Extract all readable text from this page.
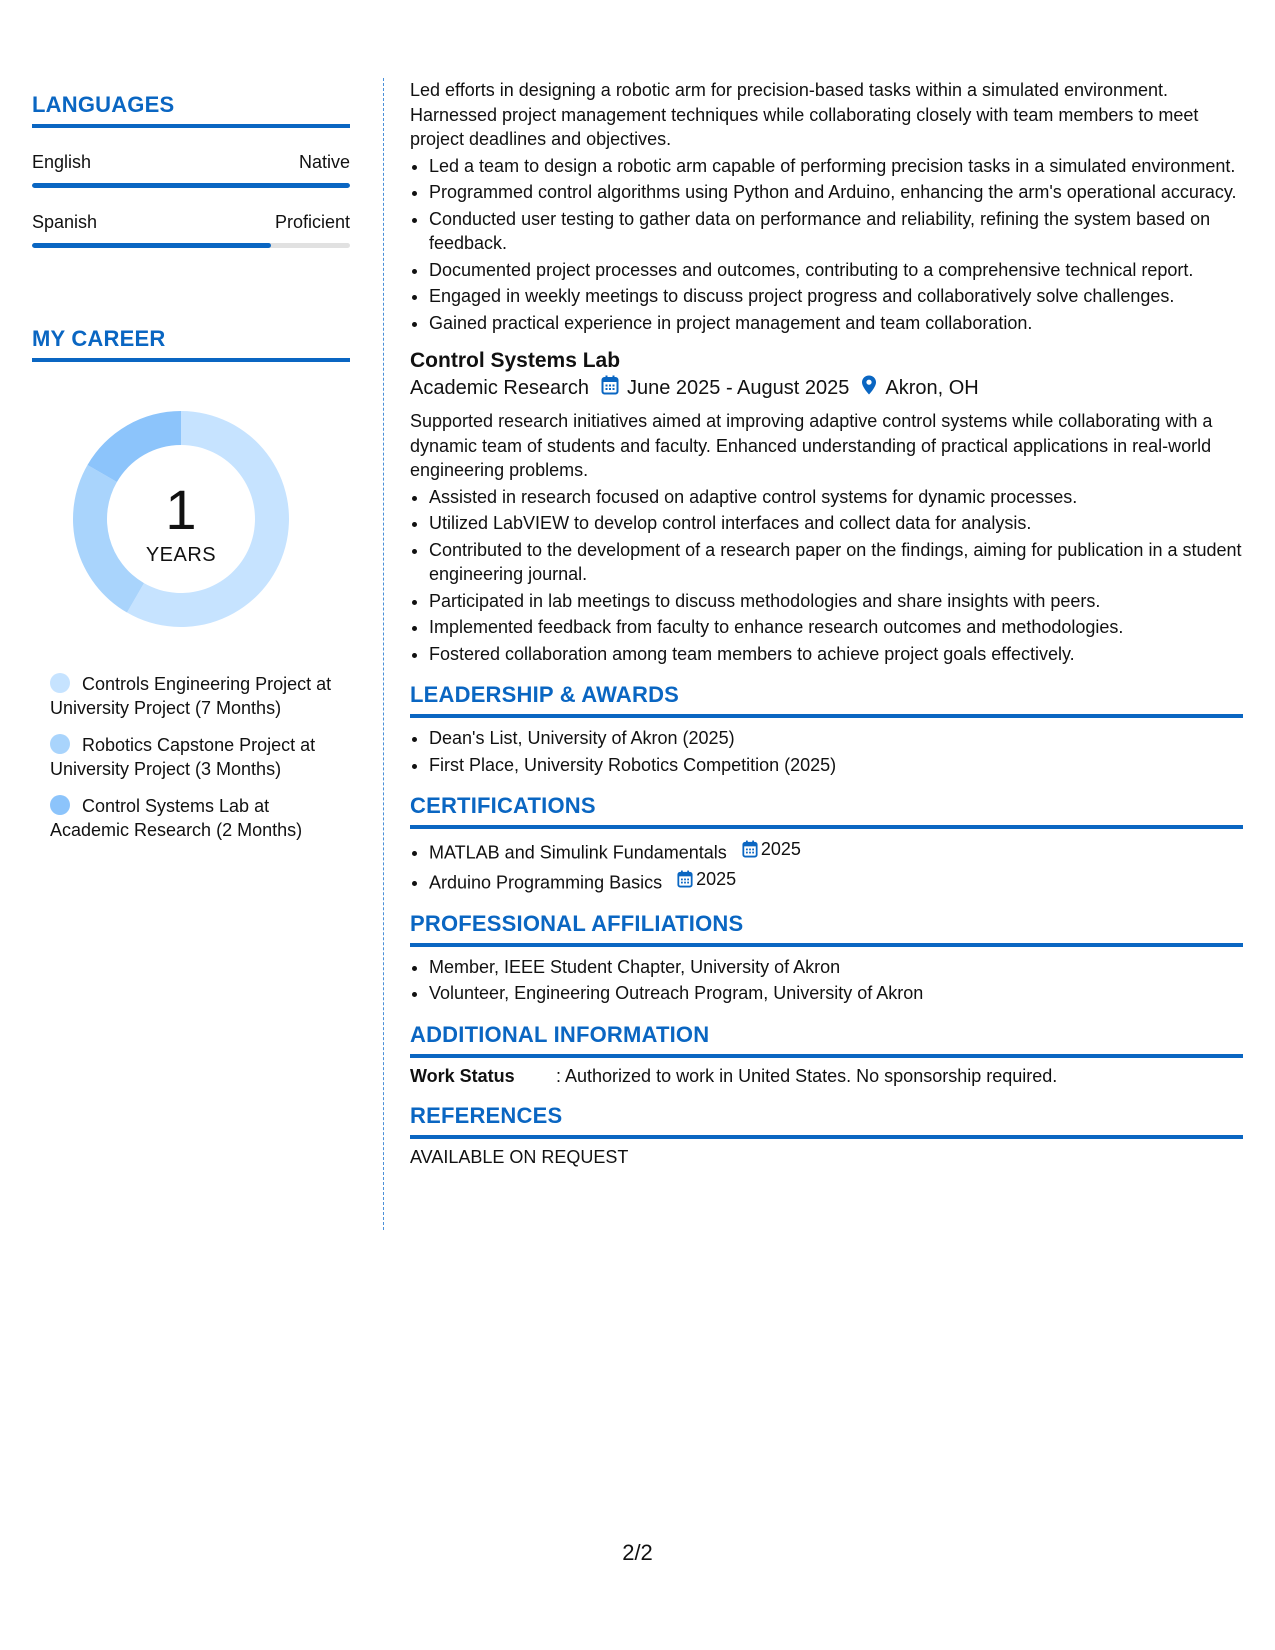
LANGUAGES
English	Native
Spanish	Proficient
MY CAREER
1
YEARS
Controls Engineering Project at University Project (7 Months)
Robotics Capstone Project at University Project (3 Months)
Control Systems Lab at Academic Research (2 Months)

Led efforts in designing a robotic arm for precision-based tasks within a simulated environment. Harnessed project management techniques while collaborating closely with team members to meet project deadlines and objectives.

• Led a team to design a robotic arm capable of performing precision tasks in a simulated environment.
• Programmed control algorithms using Python and Arduino, enhancing the arm's operational accuracy.
• Conducted user testing to gather data on performance and reliability, refining the system based on feedback.
• Documented project processes and outcomes, contributing to a comprehensive technical report.
• Engaged in weekly meetings to discuss project progress and collaboratively solve challenges.
• Gained practical experience in project management and team collaboration.
Control Systems Lab
Academic Research June 2025 - August 2025 Akron, OH

Supported research initiatives aimed at improving adaptive control systems while collaborating with a dynamic team of students and faculty. Enhanced understanding of practical applications in real-world engineering problems.

• Assisted in research focused on adaptive control systems for dynamic processes.
• Utilized LabVIEW to develop control interfaces and collect data for analysis.
• Contributed to the development of a research paper on the findings, aiming for publication in a student engineering journal.
• Participated in lab meetings to discuss methodologies and share insights with peers.
• Implemented feedback from faculty to enhance research outcomes and methodologies.
• Fostered collaboration among team members to achieve project goals effectively.
LEADERSHIP & AWARDS
• Dean's List, University of Akron (2025)
• First Place, University Robotics Competition (2025)
CERTIFICATIONS
• MATLAB and Simulink Fundamentals 2025
• Arduino Programming Basics 2025
PROFESSIONAL AFFILIATIONS
• Member, IEEE Student Chapter, University of Akron
• Volunteer, Engineering Outreach Program, University of Akron
ADDITIONAL INFORMATION
Work Status	: Authorized to work in United States. No sponsorship required.
REFERENCES
AVAILABLE ON REQUEST
2/2
